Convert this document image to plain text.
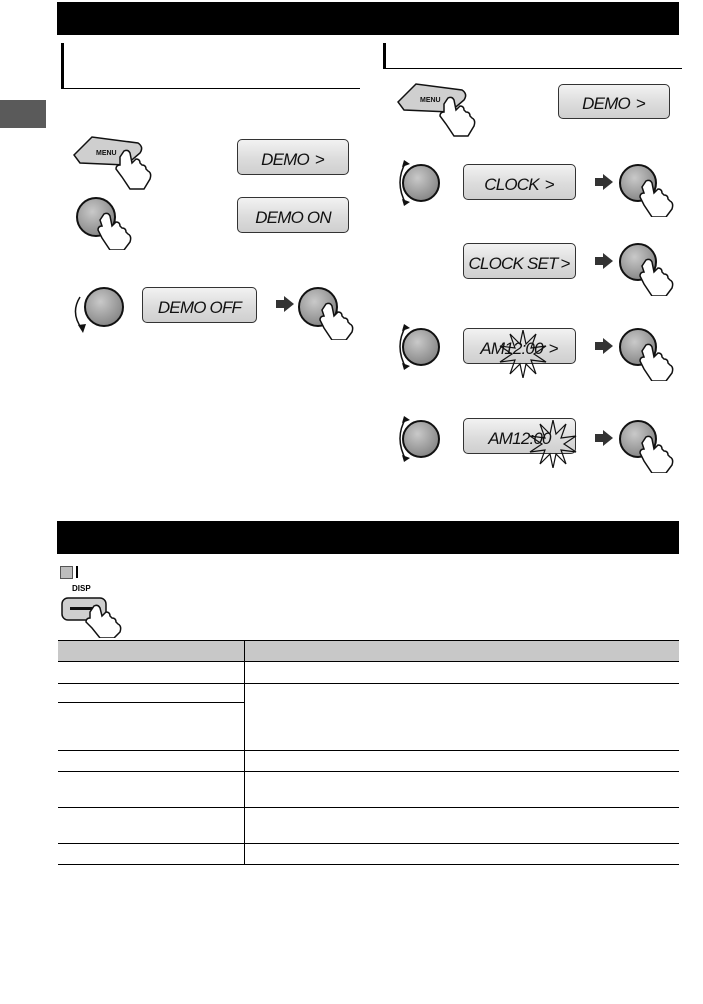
MENU	DEMO >
DEMO ON
DEMO OFF
MENU	DEMO >
CLOCK >
CLOCK SET >
AM 12:00 >
AM 12:00
DISP
